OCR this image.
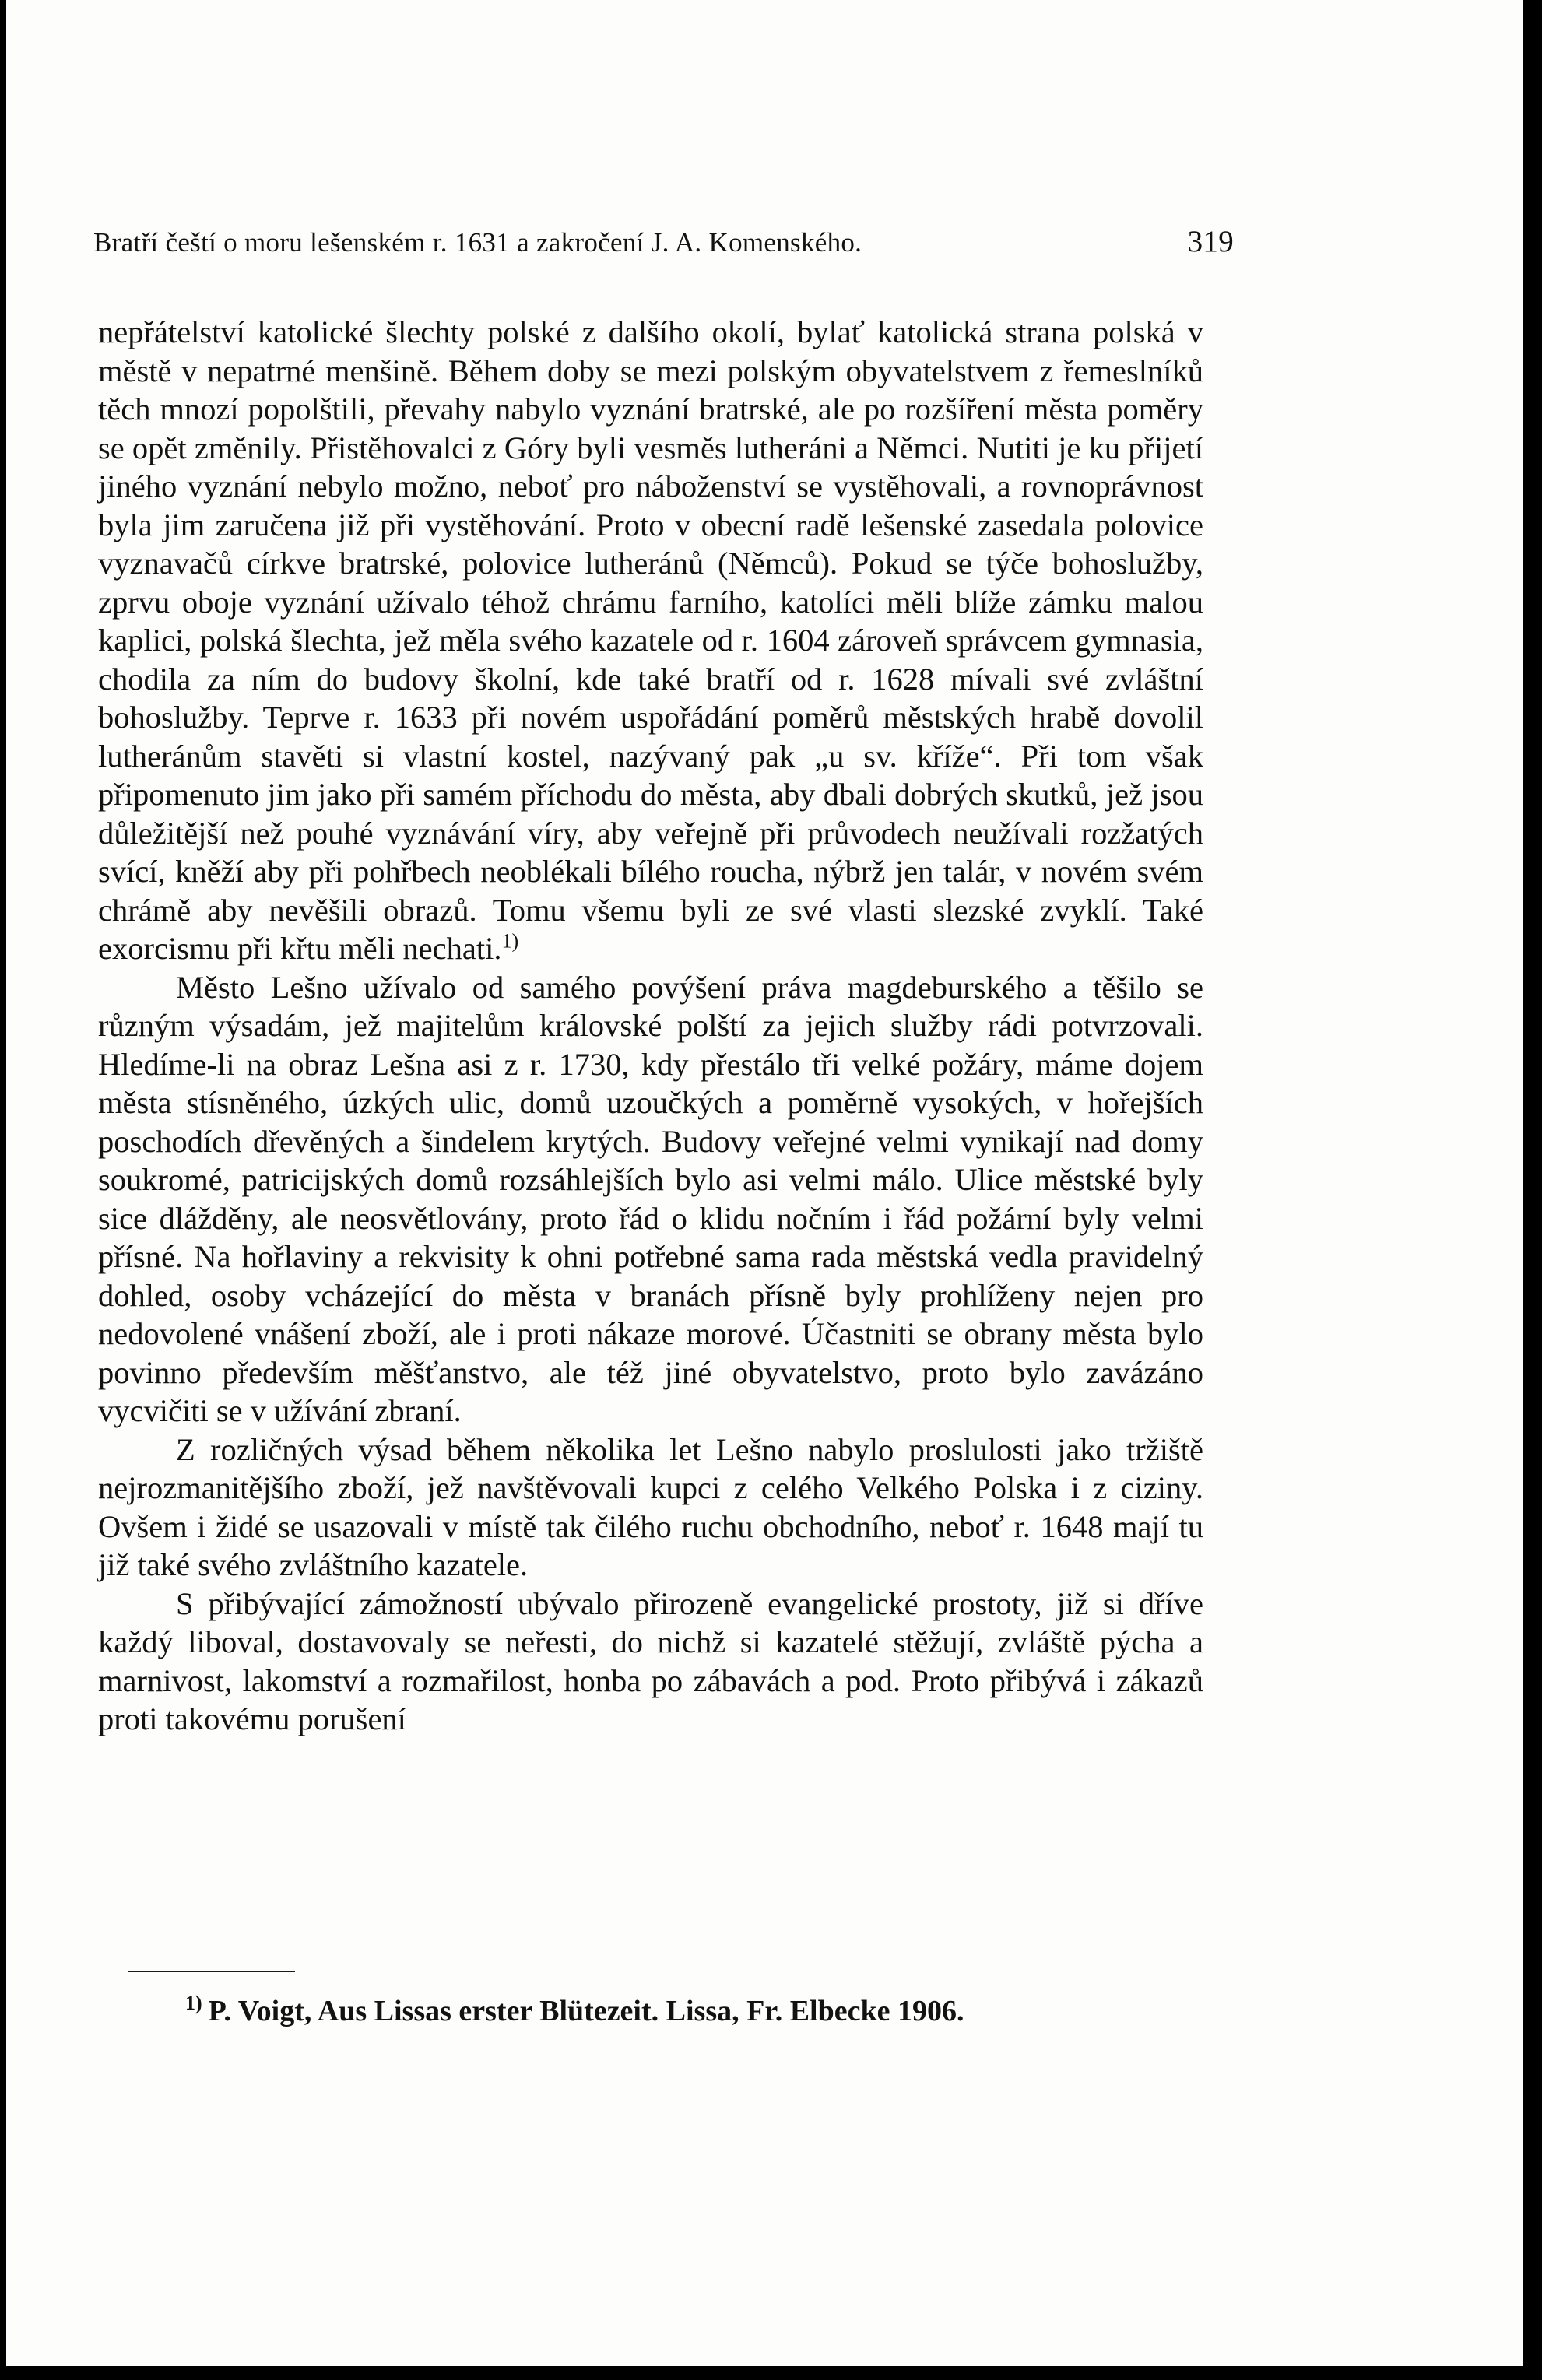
Bratří čeští o moru lešenském r. 1631 a zakročení J. A. Komenského.	319

nepřátelství katolické šlechty polské z dalšího okolí, bylať katolická strana polská v městě v nepatrné menšině. Během doby se mezi polským obyvatelstvem z řemeslníků těch mnozí popolštili, převahy nabylo vyznání bratrské, ale po rozšíření města poměry se opět změnily. Přistěhovalci z Góry byli vesměs lutheráni a Němci. Nutiti je ku přijetí jiného vyznání nebylo možno, neboť pro náboženství se vystěhovali, a rovnoprávnost byla jim zaručena již při vystěhování. Proto v obecní radě lešenské zasedala polovice vyznavačů církve bratrské, polovice lutheránů (Němců). Pokud se týče bohoslužby, zprvu oboje vyznání užívalo téhož chrámu farního, katolíci měli blíže zámku malou kaplici, polská šlechta, jež měla svého kazatele od r. 1604 zároveň správcem gymnasia, chodila za ním do budovy školní, kde také bratří od r. 1628 mívali své zvláštní bohoslužby. Teprve r. 1633 při novém uspořádání poměrů městských hrabě dovolil lutheránům stavěti si vlastní kostel, nazývaný pak „u sv. kříže“. Při tom však připomenuto jim jako při samém příchodu do města, aby dbali dobrých skutků, jež jsou důležitější než pouhé vyznávání víry, aby veřejně při průvodech neužívali rozžatých svící, kněží aby při pohřbech neoblékali bílého roucha, nýbrž jen talár, v novém svém chrámě aby nevěšili obrazů. Tomu všemu byli ze své vlasti slezské zvyklí. Také exorcismu při křtu měli nechati.$^{1)}$

Město Lešno užívalo od samého povýšení práva magdeburského a těšilo se různým výsadám, jež majitelům královské polští za jejich služby rádi potvrzovali. Hledíme-li na obraz Lešna asi z r. 1730, kdy přestálo tři velké požáry, máme dojem města stísněného, úzkých ulic, domů uzoučkých a poměrně vysokých, v hořejších poschodích dřevěných a šindelem krytých. Budovy veřejné velmi vynikají nad domy soukromé, patricijských domů rozsáhlejších bylo asi velmi málo. Ulice městské byly sice dlážděny, ale neosvětlovány, proto řád o klidu nočním i řád požární byly velmi přísné. Na hořlaviny a rekvisity k ohni potřebné sama rada městská vedla pravidelný dohled, osoby vcházející do města v branách přísně byly prohlíženy nejen pro nedovolené vnášení zboží, ale i proti nákaze morové. Účastniti se obrany města bylo povinno především měšťanstvo, ale též jiné obyvatelstvo, proto bylo zavázáno vycvičiti se v užívání zbraní.

Z rozličných výsad během několika let Lešno nabylo proslulosti jako tržiště nejrozmanitějšího zboží, jež navštěvovali kupci z celého Velkého Polska i z ciziny. Ovšem i židé se usazovali v místě tak čilého ruchu obchodního, neboť r. 1648 mají tu již také svého zvláštního kazatele.

S přibývající zámožností ubývalo přirozeně evangelické prostoty, již si dříve každý liboval, dostavovaly se neřesti, do nichž si kazatelé stěžují, zvláště pýcha a marnivost, lakomství a rozmařilost, honba po zábavách a pod. Proto přibývá i zákazů proti takovému porušení

$^{1)}$ P. Voigt, Aus Lissas erster Blütezeit. Lissa, Fr. Elbecke 1906.
